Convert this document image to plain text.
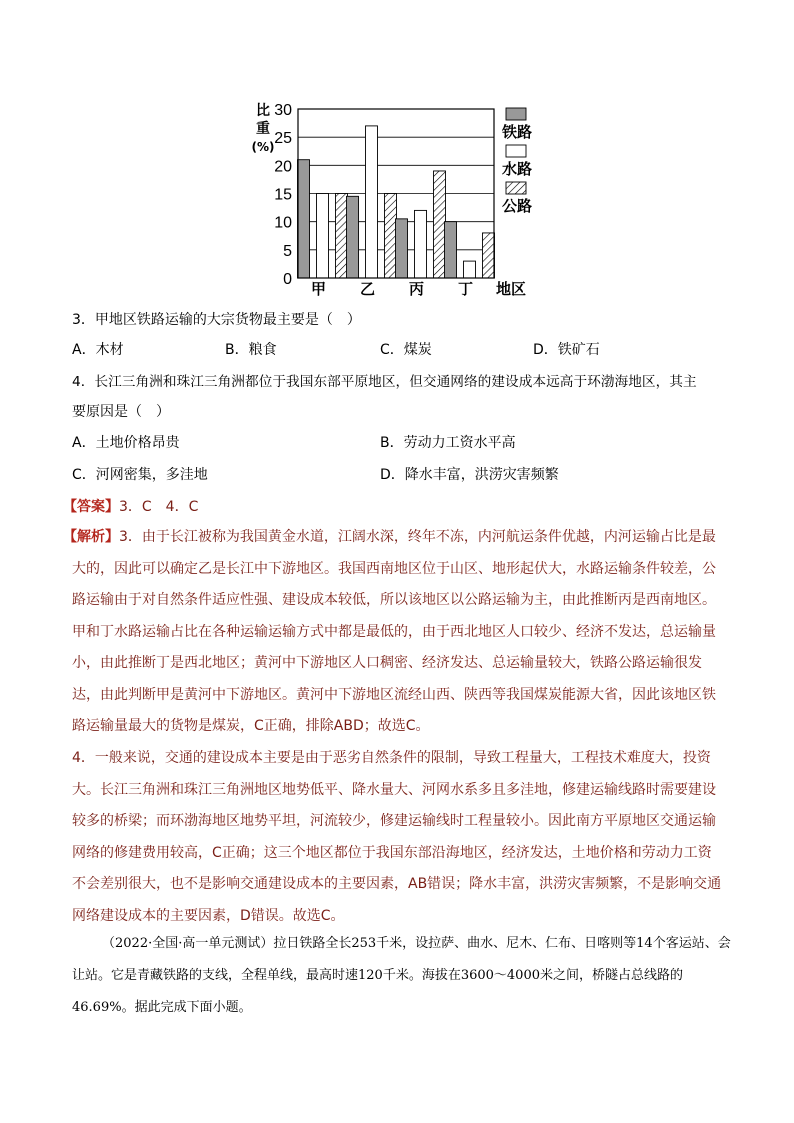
0
5
10
15
20
25
30
甲 乙 丙 丁
比
重
(%)
地区
铁路
水路
公路
3．甲地区铁路运输的大宗货物最主要是（　）
A．木材	B．粮食	C．煤炭	D．铁矿石
4．长江三角洲和珠江三角洲都位于我国东部平原地区，但交通网络的建设成本远高于环渤海地区，其主
要原因是（　）
A．土地价格昂贵	B．劳动力工资水平高
C．河网密集，多洼地	D．降水丰富，洪涝灾害频繁
【答案】3．C　4．C

【解析】3．由于长江被称为我国黄金水道，江阔水深，终年不冻，内河航运条件优越，内河运输占比是最大的，因此可以确定乙是长江中下游地区。我国西南地区位于山区、地形起伏大，水路运输条件较差，公路运输由于对自然条件适应性强、建设成本较低，所以该地区以公路运输为主，由此推断丙是西南地区。甲和丁水路运输占比在各种运输运输方式中都是最低的，由于西北地区人口较少、经济不发达，总运输量小，由此推断丁是西北地区；黄河中下游地区人口稠密、经济发达、总运输量较大，铁路公路运输很发达，由此判断甲是黄河中下游地区。黄河中下游地区流经山西、陕西等我国煤炭能源大省，因此该地区铁路运输量最大的货物是煤炭，C正确，排除ABD；故选C。

4．一般来说，交通的建设成本主要是由于恶劣自然条件的限制，导致工程量大，工程技术难度大，投资大。长江三角洲和珠江三角洲地区地势低平、降水量大、河网水系多且多洼地，修建运输线路时需要建设较多的桥梁；而环渤海地区地势平坦，河流较少，修建运输线时工程量较小。因此南方平原地区交通运输网络的修建费用较高，C正确；这三个地区都位于我国东部沿海地区，经济发达，土地价格和劳动力工资不会差别很大，也不是影响交通建设成本的主要因素，AB错误；降水丰富，洪涝灾害频繁，不是影响交通网络建设成本的主要因素，D错误。故选C。

（2022·全国·高一单元测试）拉日铁路全长253千米，设拉萨、曲水、尼木、仁布、日喀则等14个客运站、会让站。它是青藏铁路的支线，全程单线，最高时速120千米。海拔在3600～4000米之间，桥隧占总线路的46.69%。据此完成下面小题。
